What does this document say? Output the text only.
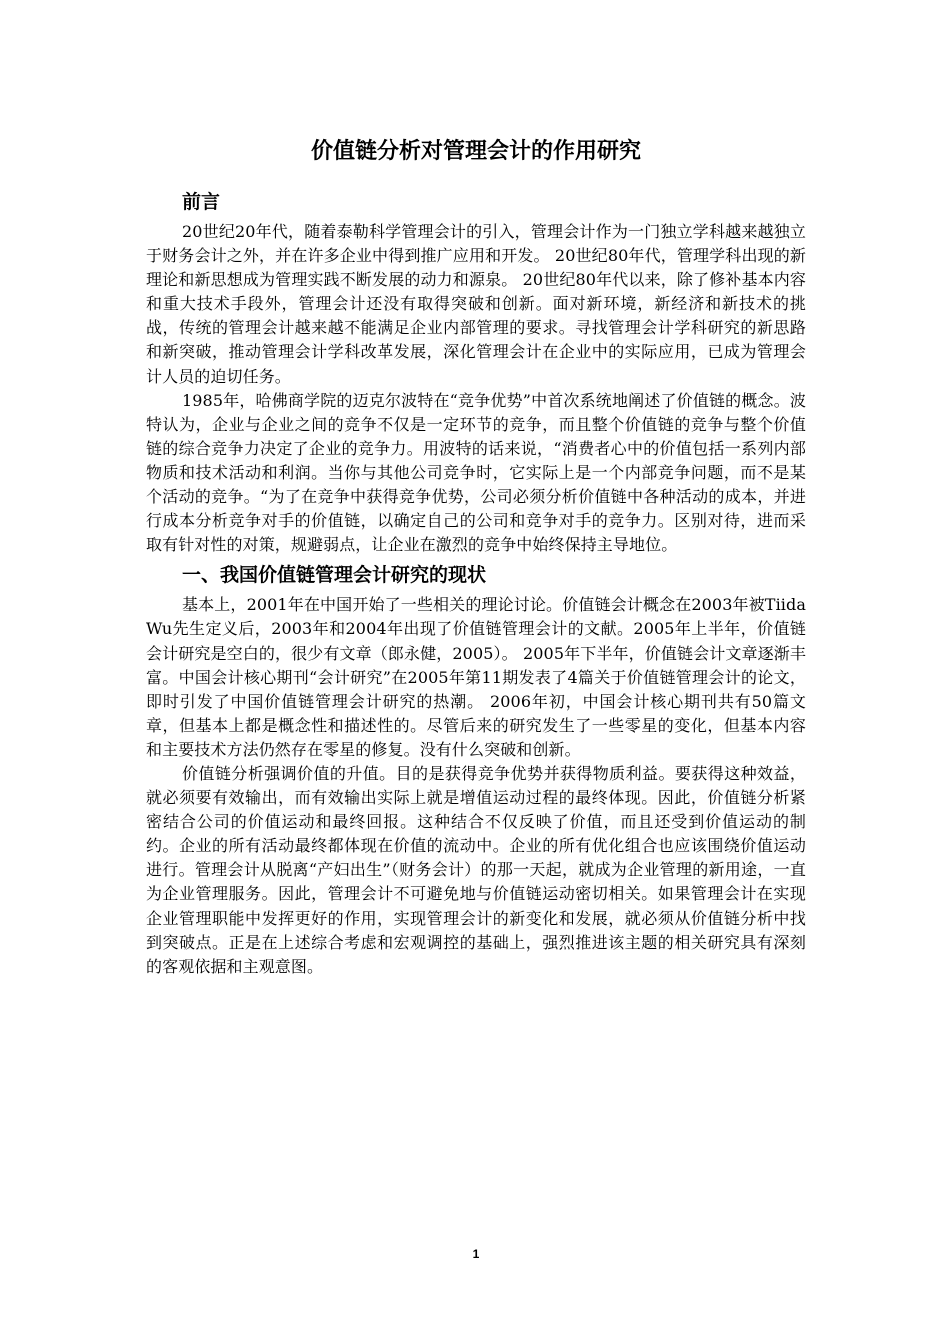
价值链分析对管理会计的作用研究
前言

20世纪20年代，随着泰勒科学管理会计的引入，管理会计作为一门独立学科越来越独立于财务会计之外，并在许多企业中得到推广应用和开发。 20世纪80年代，管理学科出现的新理论和新思想成为管理实践不断发展的动力和源泉。 20世纪80年代以来，除了修补基本内容和重大技术手段外，管理会计还没有取得突破和创新。面对新环境，新经济和新技术的挑战，传统的管理会计越来越不能满足企业内部管理的要求。寻找管理会计学科研究的新思路和新突破，推动管理会计学科改革发展，深化管理会计在企业中的实际应用，已成为管理会计人员的迫切任务。

1985年，哈佛商学院的迈克尔波特在“竞争优势”中首次系统地阐述了价值链的概念。波特认为，企业与企业之间的竞争不仅是一定环节的竞争，而且整个价值链的竞争与整个价值链的综合竞争力决定了企业的竞争力。用波特的话来说，“消费者心中的价值包括一系列内部物质和技术活动和利润。当你与其他公司竞争时，它实际上是一个内部竞争问题，而不是某个活动的竞争。“为了在竞争中获得竞争优势，公司必须分析价值链中各种活动的成本，并进行成本分析竞争对手的价值链，以确定自己的公司和竞争对手的竞争力。区别对待，进而采取有针对性的对策，规避弱点，让企业在激烈的竞争中始终保持主导地位。

一、我国价值链管理会计研究的现状

基本上，2001年在中国开始了一些相关的理论讨论。价值链会计概念在2003年被Tiida Wu先生定义后，2003年和2004年出现了价值链管理会计的文献。2005年上半年，价值链会计研究是空白的，很少有文章（郎永健，2005）。 2005年下半年，价值链会计文章逐渐丰富。中国会计核心期刊“会计研究”在2005年第11期发表了4篇关于价值链管理会计的论文，即时引发了中国价值链管理会计研究的热潮。 2006年初，中国会计核心期刊共有50篇文章，但基本上都是概念性和描述性的。尽管后来的研究发生了一些零星的变化，但基本内容和主要技术方法仍然存在零星的修复。没有什么突破和创新。

价值链分析强调价值的升值。目的是获得竞争优势并获得物质利益。要获得这种效益，就必须要有效输出，而有效输出实际上就是增值运动过程的最终体现。因此，价值链分析紧密结合公司的价值运动和最终回报。这种结合不仅反映了价值，而且还受到价值运动的制约。企业的所有活动最终都体现在价值的流动中。企业的所有优化组合也应该围绕价值运动进行。管理会计从脱离“产妇出生”（财务会计）的那一天起，就成为企业管理的新用途，一直为企业管理服务。因此，管理会计不可避免地与价值链运动密切相关。如果管理会计在实现企业管理职能中发挥更好的作用，实现管理会计的新变化和发展，就必须从价值链分析中找到突破点。正是在上述综合考虑和宏观调控的基础上，强烈推进该主题的相关研究具有深刻的客观依据和主观意图。

1
